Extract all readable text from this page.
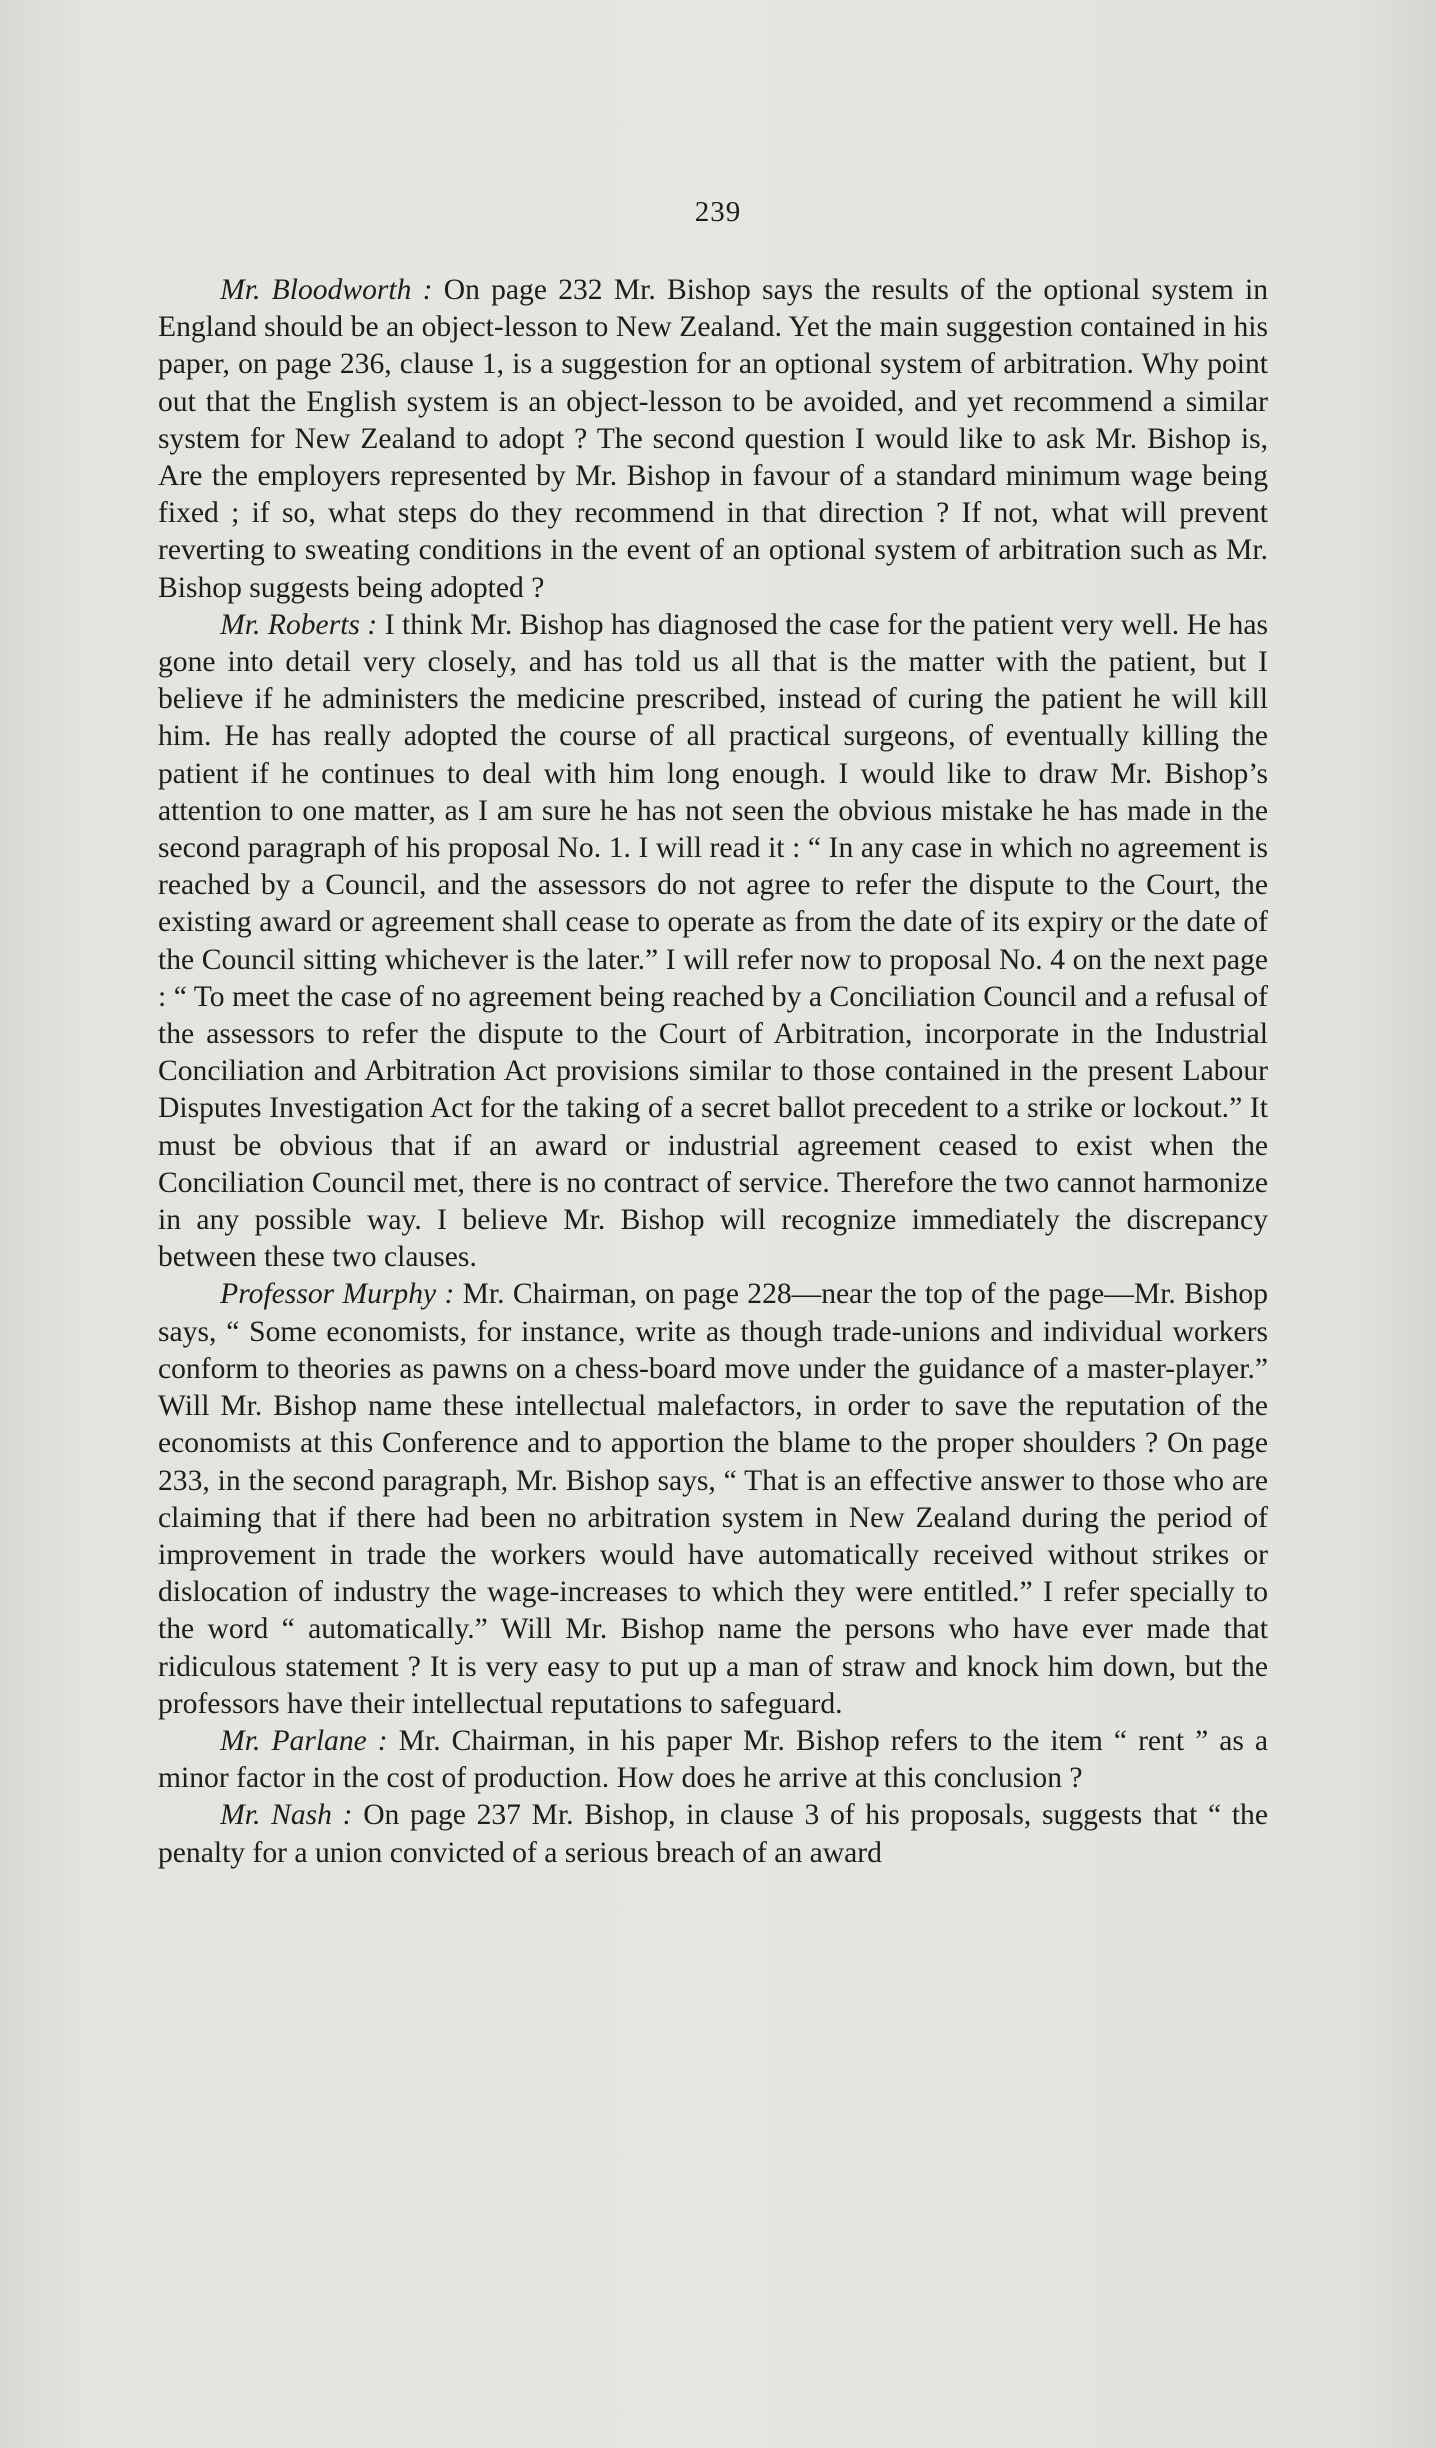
239

Mr. Bloodworth : On page 232 Mr. Bishop says the results of the optional system in England should be an object-lesson to New Zealand. Yet the main suggestion contained in his paper, on page 236, clause 1, is a suggestion for an optional system of arbitration. Why point out that the English system is an object-lesson to be avoided, and yet recommend a similar system for New Zealand to adopt ? The second question I would like to ask Mr. Bishop is, Are the employers represented by Mr. Bishop in favour of a standard minimum wage being fixed ; if so, what steps do they recommend in that direction ? If not, what will prevent reverting to sweating conditions in the event of an optional system of arbitration such as Mr. Bishop suggests being adopted ?

Mr. Roberts : I think Mr. Bishop has diagnosed the case for the patient very well. He has gone into detail very closely, and has told us all that is the matter with the patient, but I believe if he administers the medicine prescribed, instead of curing the patient he will kill him. He has really adopted the course of all practical surgeons, of eventually killing the patient if he continues to deal with him long enough. I would like to draw Mr. Bishop’s attention to one matter, as I am sure he has not seen the obvious mistake he has made in the second paragraph of his proposal No. 1. I will read it : “ In any case in which no agreement is reached by a Council, and the assessors do not agree to refer the dispute to the Court, the existing award or agreement shall cease to operate as from the date of its expiry or the date of the Council sitting whichever is the later.” I will refer now to proposal No. 4 on the next page : “ To meet the case of no agreement being reached by a Conciliation Council and a refusal of the assessors to refer the dispute to the Court of Arbitration, incorporate in the Industrial Conciliation and Arbitration Act provisions similar to those contained in the present Labour Disputes Investigation Act for the taking of a secret ballot precedent to a strike or lockout.” It must be obvious that if an award or industrial agreement ceased to exist when the Conciliation Council met, there is no contract of service. Therefore the two cannot harmonize in any possible way. I believe Mr. Bishop will recognize immediately the discrepancy between these two clauses.

Professor Murphy : Mr. Chairman, on page 228—near the top of the page—Mr. Bishop says, “ Some economists, for instance, write as though trade-unions and individual workers conform to theories as pawns on a chess-board move under the guidance of a master-player.” Will Mr. Bishop name these intellectual malefactors, in order to save the reputation of the economists at this Conference and to apportion the blame to the proper shoulders ? On page 233, in the second paragraph, Mr. Bishop says, “ That is an effective answer to those who are claiming that if there had been no arbitration system in New Zealand during the period of improvement in trade the workers would have automatically received without strikes or dislocation of industry the wage-increases to which they were entitled.” I refer specially to the word “ automatically.” Will Mr. Bishop name the persons who have ever made that ridiculous statement ? It is very easy to put up a man of straw and knock him down, but the professors have their intellectual reputations to safeguard.

Mr. Parlane : Mr. Chairman, in his paper Mr. Bishop refers to the item “ rent ” as a minor factor in the cost of production. How does he arrive at this conclusion ?

Mr. Nash : On page 237 Mr. Bishop, in clause 3 of his proposals, suggests that “ the penalty for a union convicted of a serious breach of an award
